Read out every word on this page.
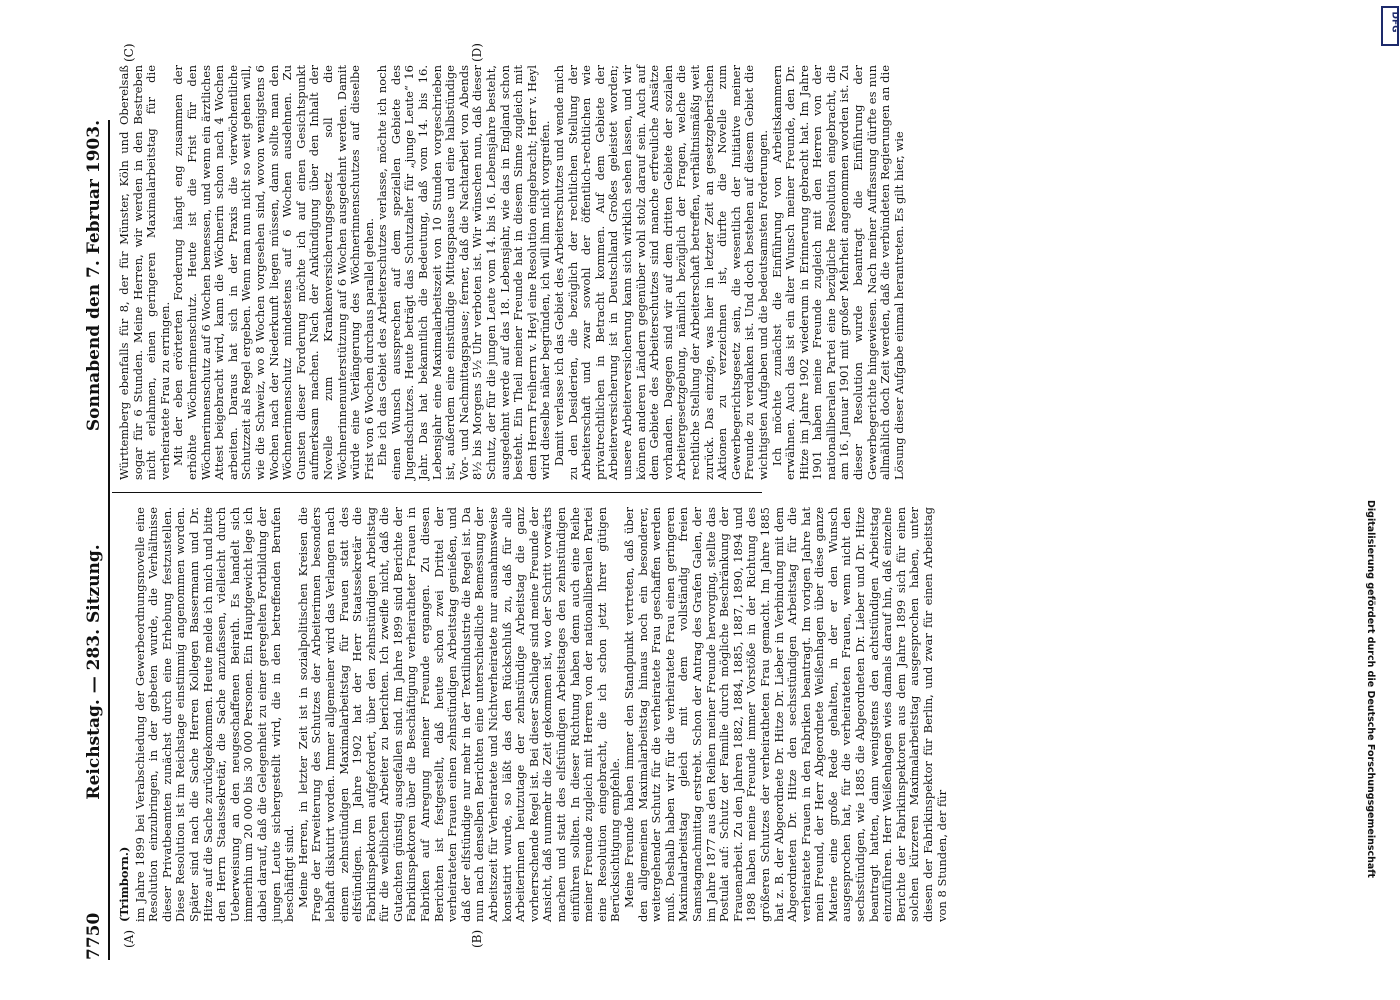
7750
Reichstag. — 283. Sitzung.
Sonnabend den 7. Februar 1903.
(A)	(B)
(C)	(D)
(Trimborn.) im Jahre 1899 bei Verabschiedung der Gewerbeordnungsnovelle eine Resolution einzubringen, in der gebeten wurde, die Verhältnisse dieser Privatbeamten zunächst durch eine Erhebung festzustellen. Diese Resolution ist im Reichstage einstimmig angenommen worden. Später sind nach die Sache Herren Kollegen Bassermann und Dr. Hitze auf die Sache zurückgekommen. Heute melde ich mich und bitte den Herrn Staatssekretär, die Sache anzufassen, vielleicht durch Ueberweisung an den neugeschaffenen Beirath. Es handelt sich immerhin um 20 000 bis 30 000 Personen. Ein Hauptgewicht lege ich dabei darauf, daß die Gelegenheit zu einer geregelten Fortbildung der jungen Leute sichergestellt wird, die in den betreffenden Berufen beschäftigt sind. Meine Herren, in letzter Zeit ist in sozialpolitischen Kreisen die Frage der Erweiterung des Schutzes der Arbeiterinnen besonders lebhaft diskutirt worden. Immer allgemeiner wird das Verlangen nach einem zehnstündigen Maximalarbeitstag für Frauen statt des elfstündigen. Im Jahre 1902 hat der Herr Staatssekretär die Fabrikinspektoren aufgefordert, über den zehnstündigen Arbeitstag für die weiblichen Arbeiter zu berichten. Ich zweifle nicht, daß die Gutachten günstig ausgefallen sind. Im Jahre 1899 sind Berichte der Fabrikinspektoren über die Beschäftigung verheiratheter Frauen in Fabriken auf Anregung meiner Freunde ergangen. Zu diesen Berichten ist festgestellt, daß heute schon zwei Drittel der verheirateten Frauen einen zehnstündigen Arbeitstag genießen, und daß der elfstündige nur mehr in der Textilindustrie die Regel ist. Da nun nach denselben Berichten eine unterschiedliche Bemessung der Arbeitszeit für Verheiratete und Nichtverheiratete nur ausnahmsweise konstatirt wurde, so läßt das den Rückschluß zu, daß für alle Arbeiterinnen heutzutage der zehnstündige Arbeitstag die ganz vorherrschende Regel ist. Bei dieser Sachlage sind meine Freunde der Ansicht, daß nunmehr die Zeit gekommen ist, wo der Schritt vorwärts machen und statt des elfstündigen Arbeitstages den zehnstündigen einführen sollten. In dieser Richtung haben denn auch eine Reihe meiner Freunde zugleich mit Herren von der nationalliberalen Partei eine Resolution eingebracht, die ich schon jetzt Ihrer gütigen Berücksichtigung empfehle. Meine Freunde haben immer den Standpunkt vertreten, daß über den allgemeinen Maximalarbeitstag hinaus noch ein besonderer, weitergehender Schutz für die verheiratete Frau geschaffen werden muß. Deshalb haben wir für die verheiratete Frau einen geringeren Maximalarbeitstag gleich mit dem vollständig freien Samstagnachmittag erstrebt. Schon der Antrag des Grafen Galen, der im Jahre 1877 aus den Reihen meiner Freunde hervorging, stellte das Postulat auf: Schutz der Familie durch mögliche Beschränkung der Frauenarbeit. Zu den Jahren 1882, 1884, 1885, 1887, 1890, 1894 und 1898 haben meine Freunde immer Vorstöße in der Richtung des größeren Schutzes der verheiratheten Frau gemacht. Im Jahre 1885 hat z. B. der Abgeordnete Dr. Hitze Dr. Lieber in Verbindung mit dem Abgeordneten Dr. Hitze den sechsstündigen Arbeitstag für die verheiratete Frauen in den Fabriken beantragt. Im vorigen Jahre hat mein Freund, der Herr Abgeordnete Weißenhagen über diese ganze Materie eine große Rede gehalten, in der er den Wunsch ausgesprochen hat, für die verheirateten Frauen, wenn nicht den sechsstündigen, wie 1885 die Abgeordneten Dr. Lieber und Dr. Hitze beantragt hatten, dann wenigstens den achtstündigen Arbeitstag einzuführen. Herr Weißenhagen wies damals darauf hin, daß einzelne Berichte der Fabrikinspektoren aus dem Jahre 1899 sich für einen solchen kürzeren Maximalarbeitstag ausgesprochen haben, unter diesen der Fabrikinspektor für Berlin, und zwar für einen Arbeitstag von 8 Stunden, der für

Württemberg ebenfalls für 8, der für Münster, Köln und Oberelsaß sogar für 6 Stunden. Meine Herren, wir werden in den Bestreben nicht erlahmen, einen geringeren Maximalarbeitstag für die verheiratete Frau zu erringen. Mit der eben erörterten Forderung hängt eng zusammen der erhöhte Wöchnerinnenschutz. Heute ist die Frist für den Wöchnerinnenschutz auf 6 Wochen bemessen, und wenn ein ärztliches Attest beigebracht wird, kann die Wöchnerin schon nach 4 Wochen arbeiten. Daraus hat sich in der Praxis die vierwöchentliche Schutzzeit als Regel ergeben. Wenn man nun nicht so weit gehen will, wie die Schweiz, wo 8 Wochen vorgesehen sind, wovon wenigstens 6 Wochen nach der Niederkunft liegen müssen, dann sollte man den Wöchnerinnenschutz mindestens auf 6 Wochen ausdehnen. Zu Gunsten dieser Forderung möchte ich auf einen Gesichtspunkt aufmerksam machen. Nach der Ankündigung über den Inhalt der Novelle zum Krankenversicherungsgesetz soll die Wöchnerinnenunterstützung auf 6 Wochen ausgedehnt werden. Damit würde eine Verlängerung des Wöchnerinnenschutzes auf dieselbe Frist von 6 Wochen durchaus parallel gehen. Ehe ich das Gebiet des Arbeiterschutzes verlasse, möchte ich noch einen Wunsch aussprechen auf dem speziellen Gebiete des Jugendschutzes. Heute beträgt das Schutzalter für „junge Leute“ 16 Jahr. Das hat bekanntlich die Bedeutung, daß vom 14. bis 16. Lebensjahr eine Maximalarbeitszeit von 10 Stunden vorgeschrieben ist, außerdem eine einstündige Mittagspause und eine halbstündige Vor- und Nachmittagspause; ferner, daß die Nachtarbeit von Abends 8½ bis Morgens 5½ Uhr verboten ist. Wir wünschen nun, daß dieser Schutz, der für die jungen Leute vom 14. bis 16. Lebensjahre besteht, ausgedehnt werde auf das 18. Lebensjahr, wie das in England schon besteht. Ein Theil meiner Freunde hat in diesem Sinne zugleich mit dem Herrn Freiherrn v. Heyl eine Resolution eingebracht; Herr v. Heyl wird dieselbe näher begründen, ich will ihm nicht vorgreifen. Damit verlasse ich das Gebiet des Arbeiterschutzes und wende mich zu den Desiderien, die bezüglich der rechtlichen Stellung der Arbeiterschaft und zwar sowohl der öffentlich-rechtlichen wie privatrechtlichen in Betracht kommen. Auf dem Gebiete der Arbeiterversicherung ist in Deutschland Großes geleistet worden; unsere Arbeiterversicherung kann sich wirklich sehen lassen, und wir können anderen Ländern gegenüber wohl stolz darauf sein. Auch auf dem Gebiete des Arbeiterschutzes sind manche erfreuliche Ansätze vorhanden. Dagegen sind wir auf dem dritten Gebiete der sozialen Arbeitergesetzgebung, nämlich bezüglich der Fragen, welche die rechtliche Stellung der Arbeiterschaft betreffen, verhältnismäßig weit zurück. Das einzige, was hier in letzter Zeit an gesetzgeberischen Aktionen zu verzeichnen ist, dürfte die Novelle zum Gewerbegerichtsgesetz sein, die wesentlich der Initiative meiner Freunde zu verdanken ist. Und doch bestehen auf diesem Gebiet die wichtigsten Aufgaben und die bedeutsamsten Forderungen. Ich möchte zunächst die Einführung von Arbeitskammern erwähnen. Auch das ist ein alter Wunsch meiner Freunde, den Dr. Hitze im Jahre 1902 wiederum in Erinnerung gebracht hat. Im Jahre 1901 haben meine Freunde zugleich mit den Herren von der nationalliberalen Partei eine bezügliche Resolution eingebracht, die am 16. Januar 1901 mit großer Mehrheit angenommen worden ist. Zu dieser Resolution wurde beantragt die Einführung der Gewerbegerichte hingewiesen. Nach meiner Auffassung dürfte es nun allmählich doch Zeit werden, daß die verbündeten Regierungen an die Lösung dieser Aufgabe einmal herantreten. Es gilt hier, wie

Digitalisierung gefördert durch die Deutsche Forschungsgemeinschaft
DFG
